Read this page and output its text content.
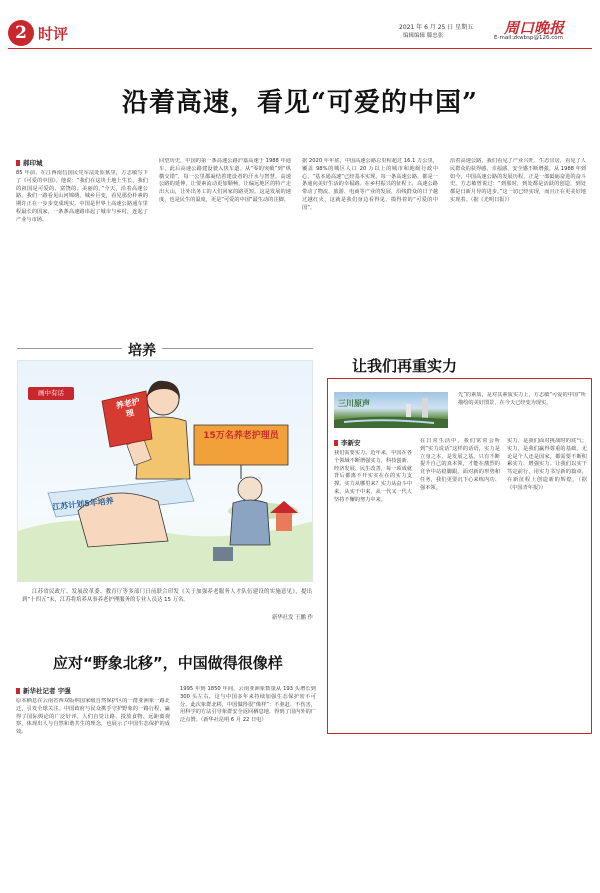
2 时评	2021 年 6 月 25 日 星期五
编辑编辑 滕忠张	周口晚报
E-mail:zkwbsp@126.com
沿着高速，看见“可爱的中国”
郝印城
85 年前，在江西南昌国民党军法处监狱里，方志敏写下了《可爱的中国》。他说：“我们在这块土地上生长，我们的祖国是可爱的、富饶的、美丽的。”今天，沿着高速公路，我们一路看见山河锦绣、城乡巨变，看见那份朴素的期许正在一步步变成现实。中国是世界上高速公路通车里程最长的国家，一条条高速路串起了城市与乡村，连起了产业与市场。
回望历史，中国的第一条高速公路沪嘉高速于 1988 年通车，此后高速公路建设驶入快车道。从“零的突破”到“纵横交错”，每一公里都凝结着建设者的汗水与智慧。高速公路的延伸，让要素流动更加顺畅，让偏远地区的特产走出大山，让外出务工的人们回家的路更短。这是发展的速度，也是民生的温度，更是“可爱的中国”最生动的注脚。
据 2020 年年底，中国高速公路总里程超过 16.1 万公里，覆盖 98%的城区人口 20 万以上的城市和地级行政中心，“基本通高速”已经基本实现。每一条高速公路，都是一条通向美好生活的幸福路。在乡村振兴的征程上，高速公路带动了物流、旅游、电商等产业的发展，沿线群众的日子越过越红火，这就是我们身边看得见、摸得着的“可爱的中国”。
沿着高速公路，我们看见了产业兴旺、生态宜居，看见了人民群众的获得感、幸福感、安全感不断增强。从 1988 年到如今，中国高速公路的发展历程，正是一部砥砺奋进的奋斗史。方志敏曾说过：“到那时，到处都是活跃的创造，到处都是日新月异的进步。”这一切已经实现，而且正在更美好地实现着。（据《光明日报》）
培养
画中有话
养老护理
15万名养老护理员
江苏计划5年培养
江苏省民政厅、发展改革委、教育厅等多部门日前联合印发《关于加强养老服务人才队伍建设的实施意见》，提出到“十四五”末，江苏将培养从事养老护理服务的专业人员达 15 万名。
新华社发 王鹏 作
让我们再重实力
三川原声
先”的素质，是对其素质实力上，方志敏“可爱的中国”所描绘的美好图景，在今天已经变为现实。
李新安
我们需要实力。近年来，中国在各个领域不断增强实力，科技创新、经济发展、民生改善，每一项成就背后都离不开实实在在的实力支撑。实力从哪里来？实力从奋斗中来，从实干中来，从一代又一代人坚持不懈的努力中来。
在日常生活中，我们常常会听到“实力说话”这样的话语，实力是立身之本，是发展之基。只有不断提升自己的真本领，才能在激烈的竞争中站稳脚跟。面对新的形势和任务，我们更要沉下心来练内功、强本领。
实力，是我们面对挑战时的底气；实力，是我们赢得尊重的基础。无论是个人还是国家，都需要不断积累实力、增强实力。让我们以实干笃定前行，用实力书写新的篇章，在新征程上创造新的辉煌。（据《中国青年报》）
应对“野象北移”，中国做得很像样
新华社记者 宇强
原本栖息在云南省西双版纳国家级自然保护区的一群亚洲象一路北迁，引发全球关注。中国政府与民众携手守护野象的一路行程，赢得了国际舆论的广泛好评。人们自觉让路、投放食物、远距离观察，体现出人与自然和谐共生的理念，也展示了中国生态保护的成效。
1995 年到 1850 年间，云南亚洲象数量从 193 头增长到 300 头左右，这与中国多年来持续加强生态保护密不可分。此次象群北移，中国做得很“像样”：不驱赶、不伤害，用科学的方法引导象群安全返回栖息地，得到了国内外的广泛点赞。（新华社昆明 6 月 22 日电）
